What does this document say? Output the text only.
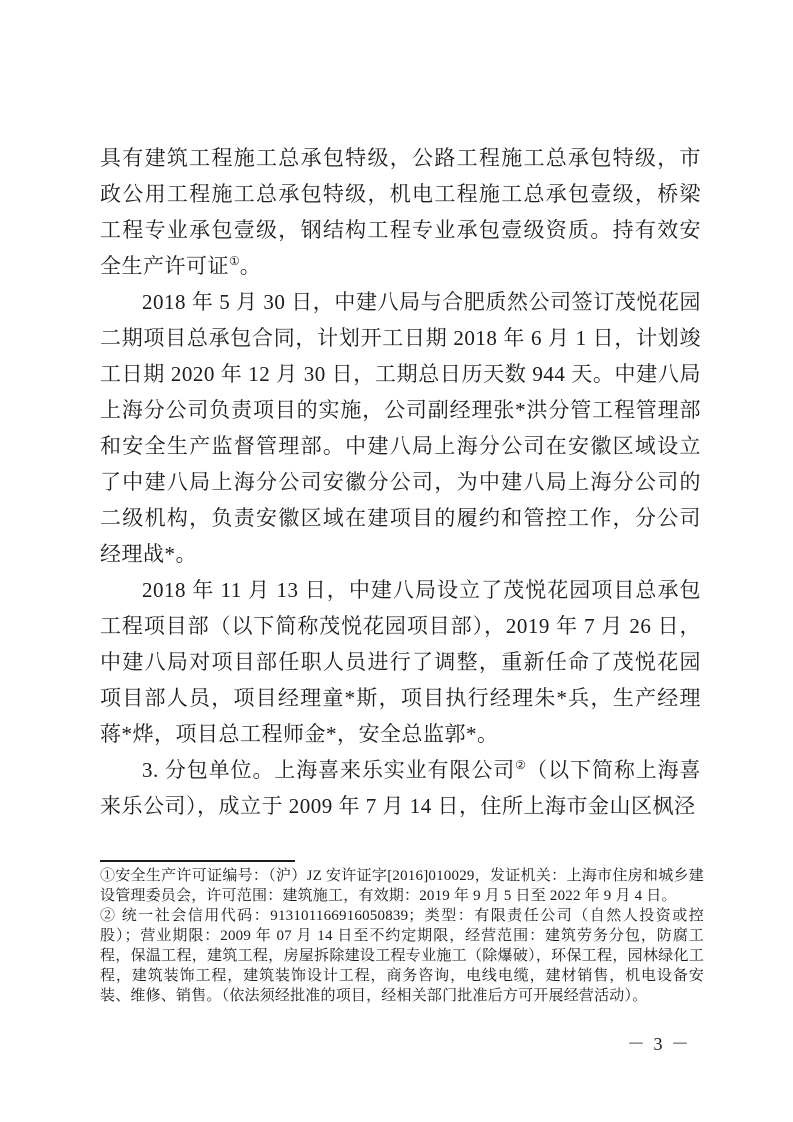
具有建筑工程施工总承包特级，公路工程施工总承包特级，市政公用工程施工总承包特级，机电工程施工总承包壹级，桥梁工程专业承包壹级，钢结构工程专业承包壹级资质。持有效安全生产许可证①。

2018 年 5 月 30 日，中建八局与合肥质然公司签订茂悦花园二期项目总承包合同，计划开工日期 2018 年 6 月 1 日，计划竣工日期 2020 年 12 月 30 日，工期总日历天数 944 天。中建八局上海分公司负责项目的实施，公司副经理张*洪分管工程管理部和安全生产监督管理部。中建八局上海分公司在安徽区域设立了中建八局上海分公司安徽分公司，为中建八局上海分公司的二级机构，负责安徽区域在建项目的履约和管控工作，分公司经理战*。

2018 年 11 月 13 日，中建八局设立了茂悦花园项目总承包工程项目部（以下简称茂悦花园项目部），2019 年 7 月 26 日，中建八局对项目部任职人员进行了调整，重新任命了茂悦花园项目部人员，项目经理童*斯，项目执行经理朱*兵，生产经理蒋*烨，项目总工程师金*，安全总监郭*。

3. 分包单位。上海喜来乐实业有限公司②（以下简称上海喜来乐公司），成立于 2009 年 7 月 14 日，住所上海市金山区枫泾

①安全生产许可证编号：（沪）JZ 安许证字[2016]010029，发证机关：上海市住房和城乡建设管理委员会，许可范围：建筑施工，有效期：2019 年 9 月 5 日至 2022 年 9 月 4 日。

② 统一社会信用代码：913101166916050839；类型：有限责任公司（自然人投资或控股）；营业期限：2009 年 07 月 14 日至不约定期限，经营范围：建筑劳务分包，防腐工程，保温工程，建筑工程，房屋拆除建设工程专业施工（除爆破），环保工程，园林绿化工程，建筑装饰工程，建筑装饰设计工程，商务咨询，电线电缆，建材销售，机电设备安装、维修、销售。（依法须经批准的项目，经相关部门批准后方可开展经营活动）。

－ 3 －
